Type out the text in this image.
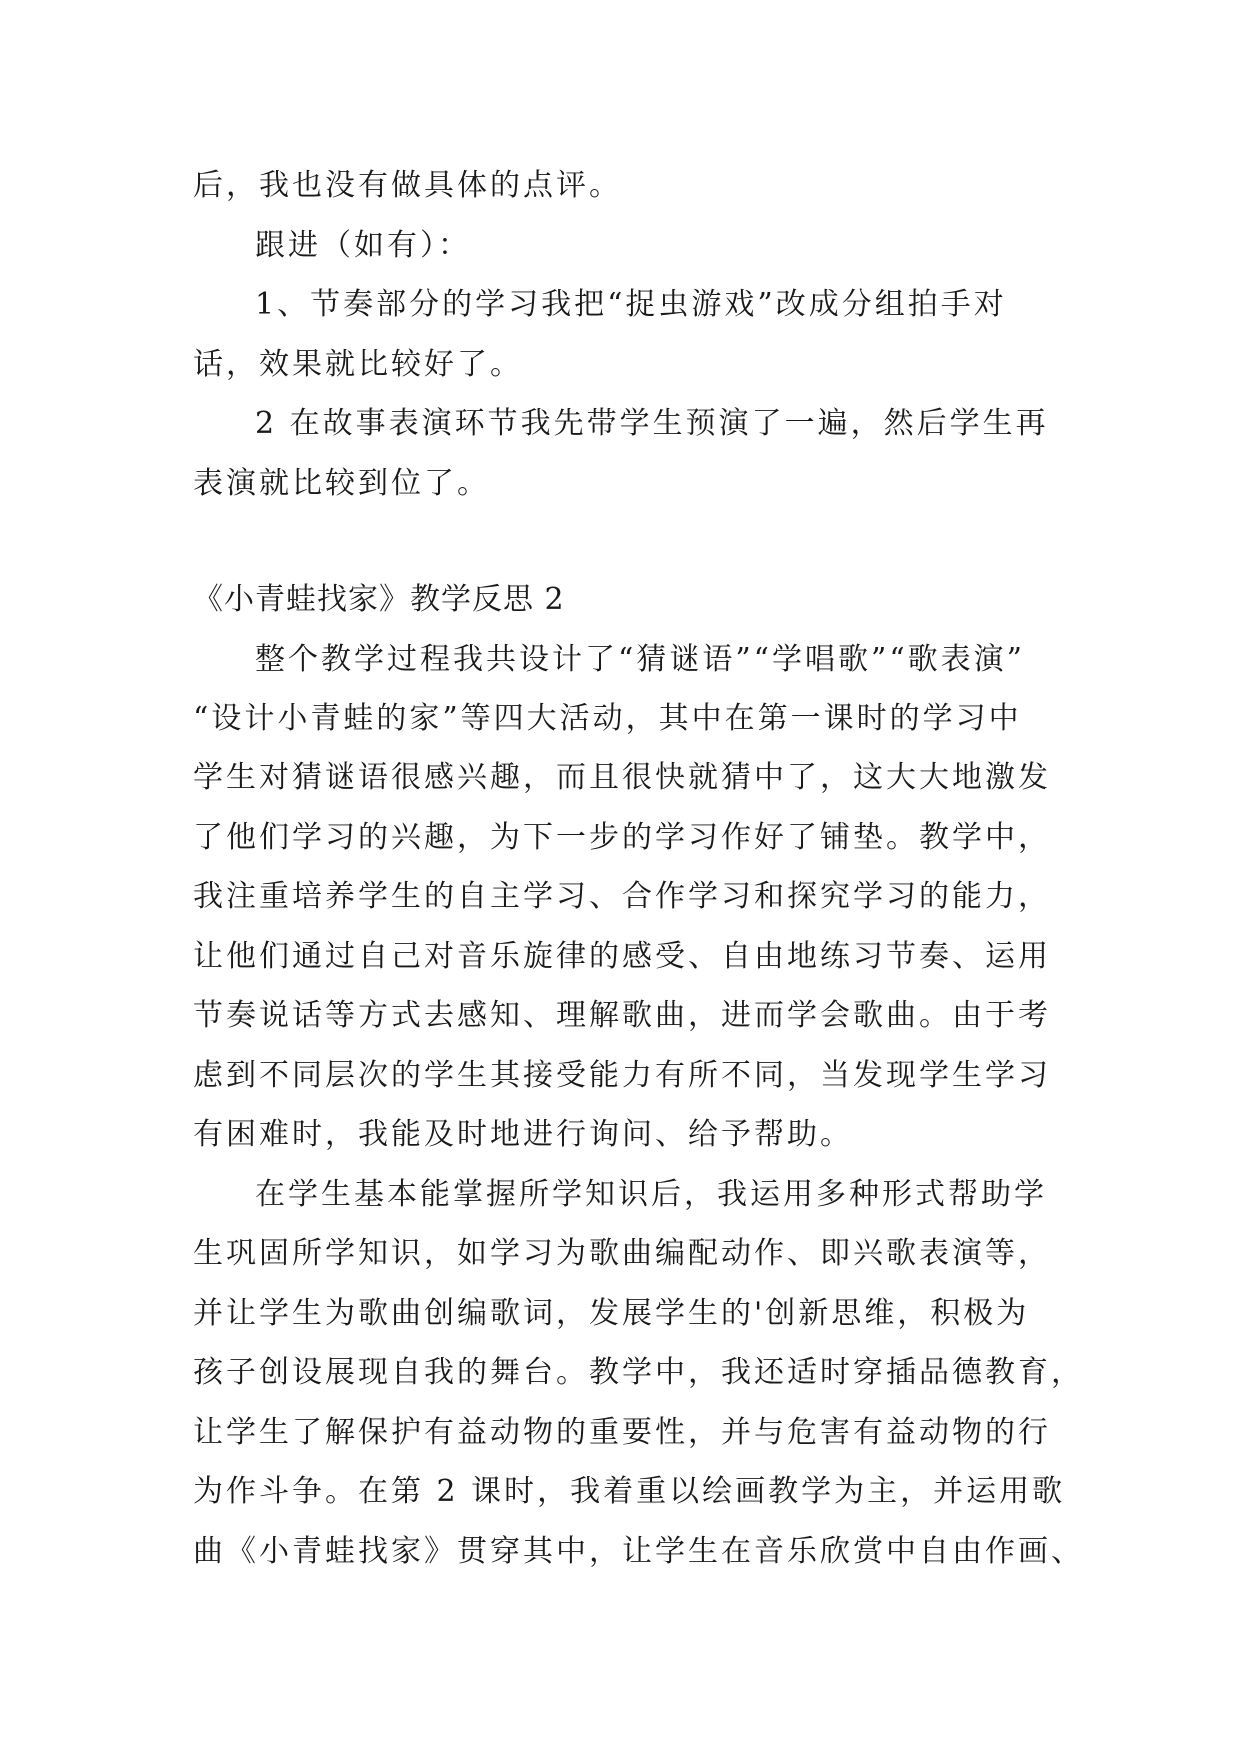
后，我也没有做具体的点评。
跟进（如有）：
1、节奏部分的学习我把“捉虫游戏”改成分组拍手对
话，效果就比较好了。
2 在故事表演环节我先带学生预演了一遍，然后学生再
表演就比较到位了。
《小青蛙找家》教学反思 2
整个教学过程我共设计了“猜谜语”“学唱歌”“歌表演”
“设计小青蛙的家”等四大活动，其中在第一课时的学习中
学生对猜谜语很感兴趣，而且很快就猜中了，这大大地激发
了他们学习的兴趣，为下一步的学习作好了铺垫。教学中，
我注重培养学生的自主学习、合作学习和探究学习的能力，
让他们通过自己对音乐旋律的感受、自由地练习节奏、运用
节奏说话等方式去感知、理解歌曲，进而学会歌曲。由于考
虑到不同层次的学生其接受能力有所不同，当发现学生学习
有困难时，我能及时地进行询问、给予帮助。
在学生基本能掌握所学知识后，我运用多种形式帮助学
生巩固所学知识，如学习为歌曲编配动作、即兴歌表演等，
并让学生为歌曲创编歌词，发展学生的'创新思维，积极为
孩子创设展现自我的舞台。教学中，我还适时穿插品德教育，
让学生了解保护有益动物的重要性，并与危害有益动物的行
为作斗争。在第 2 课时，我着重以绘画教学为主，并运用歌
曲《小青蛙找家》贯穿其中，让学生在音乐欣赏中自由作画、
